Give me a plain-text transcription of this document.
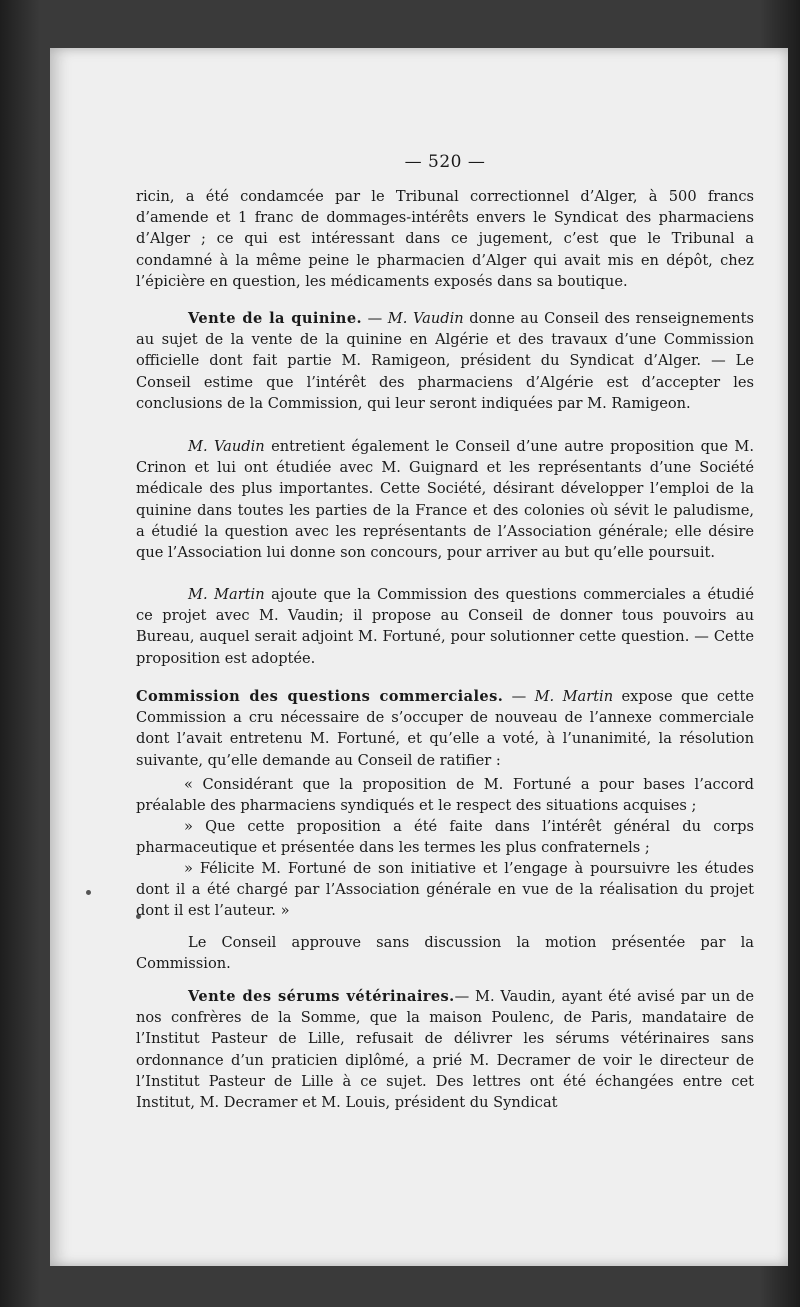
— 520 —

ricin, a été condamcée par le Tribunal correctionnel d’Alger, à 500 francs d’amende et 1 franc de dommages-intérêts envers le Syndicat des pharmaciens d’Alger ; ce qui est intéressant dans ce jugement, c’est que le Tribunal a condamné à la même peine le pharmacien d’Alger qui avait mis en dépôt, chez l’épicière en question, les médicaments exposés dans sa boutique.

Vente de la quinine. — M. Vaudin donne au Conseil des renseignements au sujet de la vente de la quinine en Algérie et des travaux d’une Commission officielle dont fait partie M. Ramigeon, président du Syndicat d’Alger. — Le Conseil estime que l’intérêt des pharmaciens d’Algérie est d’accepter les conclusions de la Commission, qui leur seront indiquées par M. Ramigeon.

M. Vaudin entretient également le Conseil d’une autre proposition que M. Crinon et lui ont étudiée avec M. Guignard et les représentants d’une Société médicale des plus importantes. Cette Société, désirant développer l’emploi de la quinine dans toutes les parties de la France et des colonies où sévit le paludisme, a étudié la question avec les représentants de l’Association générale; elle désire que l’Association lui donne son concours, pour arriver au but qu’elle poursuit.

M. Martin ajoute que la Commission des questions commerciales a étudié ce projet avec M. Vaudin; il propose au Conseil de donner tous pouvoirs au Bureau, auquel serait adjoint M. Fortuné, pour solutionner cette question. — Cette proposition est adoptée.

Commission des questions commerciales. — M. Martin expose que cette Commission a cru nécessaire de s’occuper de nouveau de l’annexe commerciale dont l’avait entretenu M. Fortuné, et qu’elle a voté, à l’unanimité, la résolution suivante, qu’elle demande au Conseil de ratifier :

« Considérant que la proposition de M. Fortuné a pour bases l’accord préalable des pharmaciens syndiqués et le respect des situations acquises ;

» Que cette proposition a été faite dans l’intérêt général du corps pharmaceutique et présentée dans les termes les plus confraternels ;

» Félicite M. Fortuné de son initiative et l’engage à poursuivre les études dont il a été chargé par l’Association générale en vue de la réalisation du projet dont il est l’auteur. »

Le Conseil approuve sans discussion la motion présentée par la Commission.

Vente des sérums vétérinaires.— M. Vaudin, ayant été avisé par un de nos confrères de la Somme, que la maison Poulenc, de Paris, mandataire de l’Institut Pasteur de Lille, refusait de délivrer les sérums vétérinaires sans ordonnance d’un praticien diplômé, a prié M. Decramer de voir le directeur de l’Institut Pasteur de Lille à ce sujet. Des lettres ont été échangées entre cet Institut, M. Decramer et M. Louis, président du Syndicat
